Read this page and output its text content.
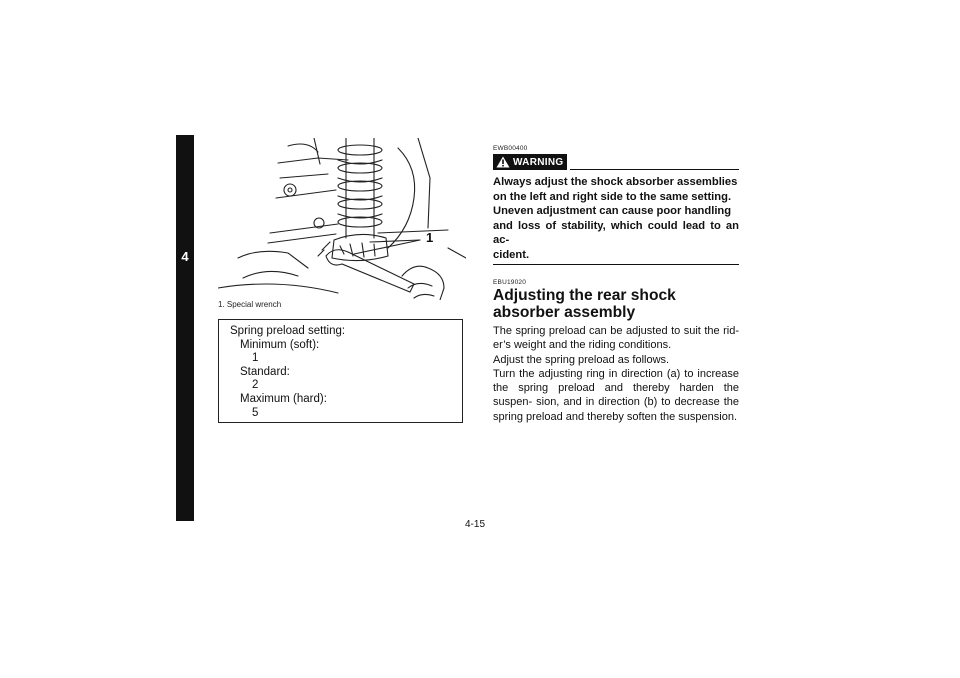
4
1
1. Special wrench
Spring preload setting:
Minimum (soft):
1
Standard:
2
Maximum (hard):
5
EWB00400
WARNING
Always adjust the shock absorber assemblies
on the left and right side to the same setting.
Uneven adjustment can cause poor handling
and loss of stability, which could lead to an ac-
cident.
EBU19020
Adjusting the rear shock absorber assembly

The spring preload can be adjusted to suit the rid- er’s weight and the riding conditions.

Adjust the spring preload as follows.

Turn the adjusting ring in direction (a) to increase the spring preload and thereby harden the suspen- sion, and in direction (b) to decrease the spring preload and thereby soften the suspension.

4-15
